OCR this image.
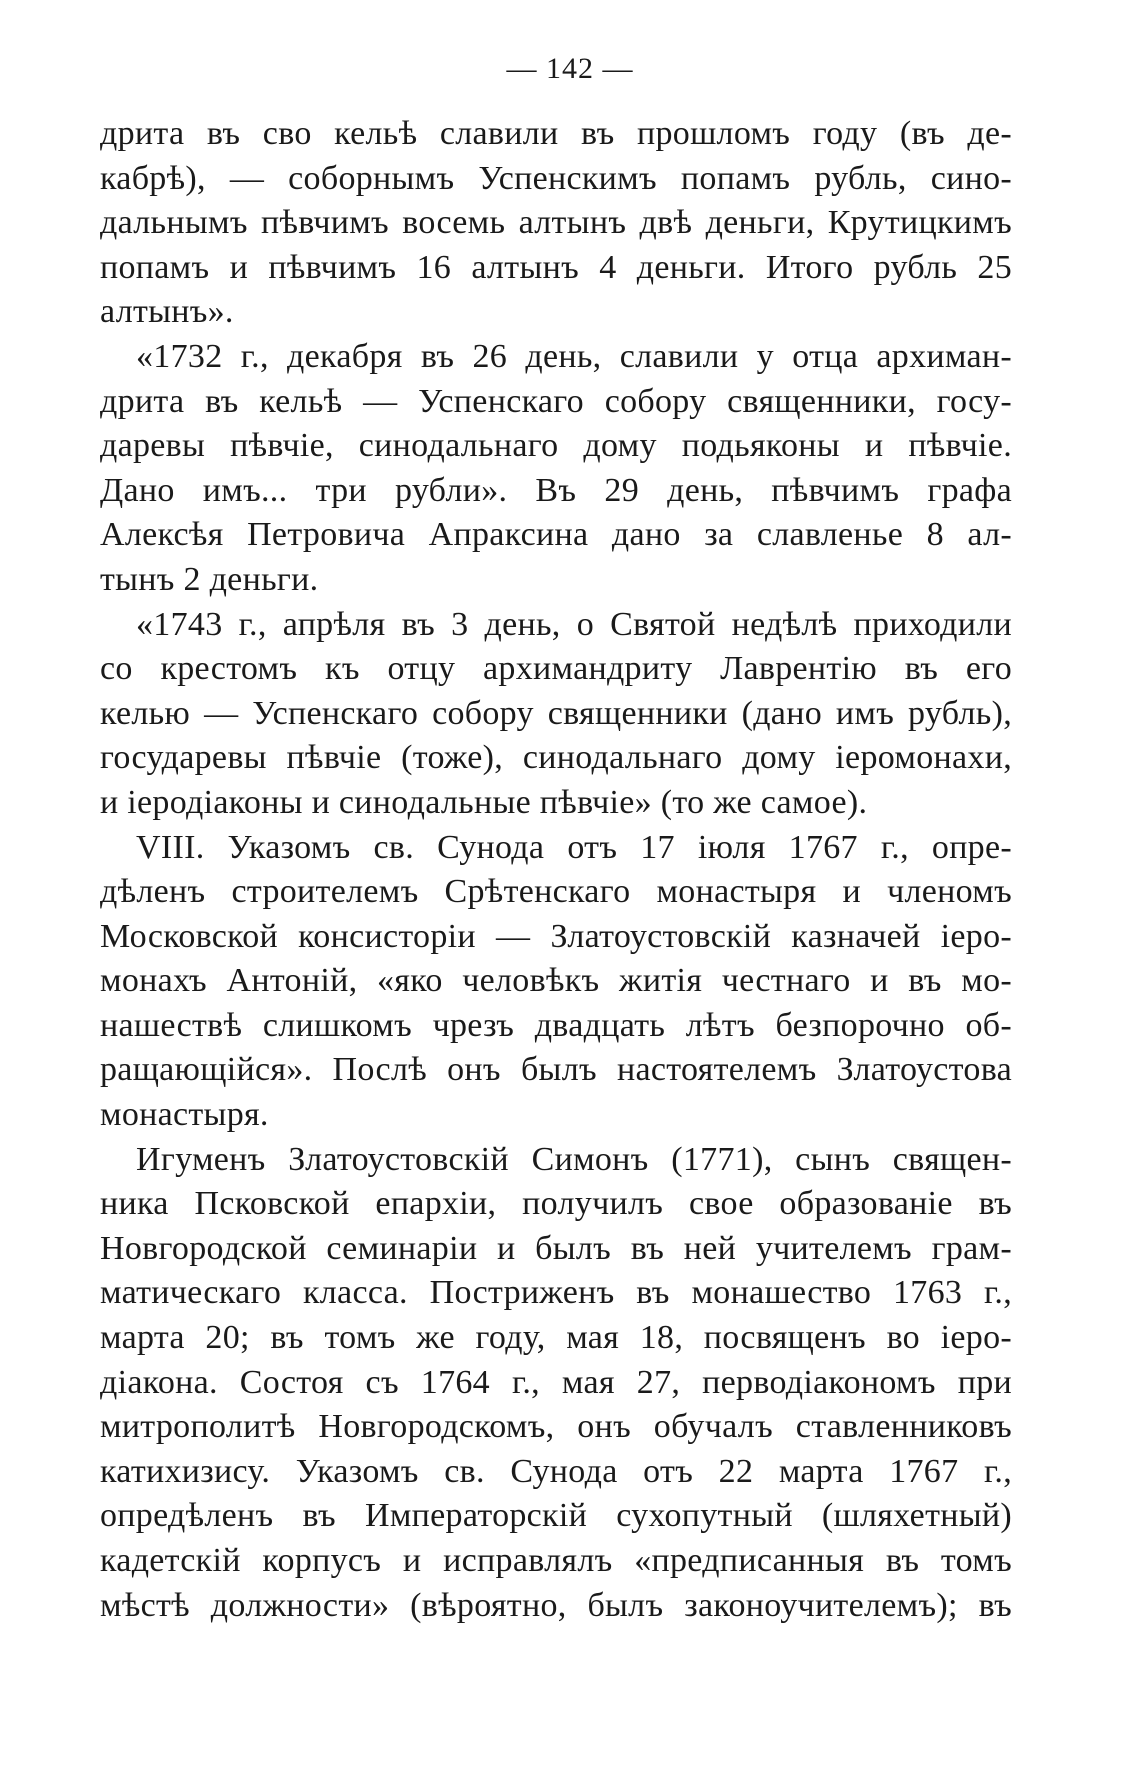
— 142 —
дрита въ сво кельѣ славили въ прошломъ году (въ де-
кабрѣ), — соборнымъ Успенскимъ попамъ рубль, сино-
дальнымъ пѣвчимъ восемь алтынъ двѣ деньги, Крутицкимъ
попамъ и пѣвчимъ 16 алтынъ 4 деньги. Итого рубль 25
алтынъ».
«1732 г., декабря въ 26 день, славили у отца архиман-
дрита въ кельѣ — Успенскаго собору священники, госу-
даревы пѣвчіе, синодальнаго дому подьяконы и пѣвчіе.
Дано имъ... три рубли». Въ 29 день, пѣвчимъ графа
Алексѣя Петровича Апраксина дано за славленье 8 ал-
тынъ 2 деньги.
«1743 г., апрѣля въ 3 день, о Святой недѣлѣ приходили
со крестомъ къ отцу архимандриту Лаврентію въ его
келью — Успенскаго собору священники (дано имъ рубль),
государевы пѣвчіе (тоже), синодальнаго дому іеромонахи,
и іеродіаконы и синодальные пѣвчіе» (то же самое).
VIII. Указомъ св. Сунода отъ 17 іюля 1767 г., опре-
дѣленъ строителемъ Срѣтенскаго монастыря и членомъ
Московской консисторіи — Златоустовскій казначей іеро-
монахъ Антоній, «яко человѣкъ житія честнаго и въ мо-
нашествѣ слишкомъ чрезъ двадцать лѣтъ безпорочно об-
ращающійся». Послѣ онъ былъ настоятелемъ Златоустова
монастыря.
Игуменъ Златоустовскій Симонъ (1771), сынъ священ-
ника Псковской епархіи, получилъ свое образованіе въ
Новгородской семинаріи и былъ въ ней учителемъ грам-
матическаго класса. Постриженъ въ монашество 1763 г.,
марта 20; въ томъ же году, мая 18, посвященъ во іеро-
діакона. Состоя съ 1764 г., мая 27, перводіакономъ при
митрополитѣ Новгородскомъ, онъ обучалъ ставленниковъ
катихизису. Указомъ св. Сунода отъ 22 марта 1767 г.,
опредѣленъ въ Императорскій сухопутный (шляхетный)
кадетскій корпусъ и исправлялъ «предписанныя въ томъ
мѣстѣ должности» (вѣроятно, былъ законоучителемъ); въ
